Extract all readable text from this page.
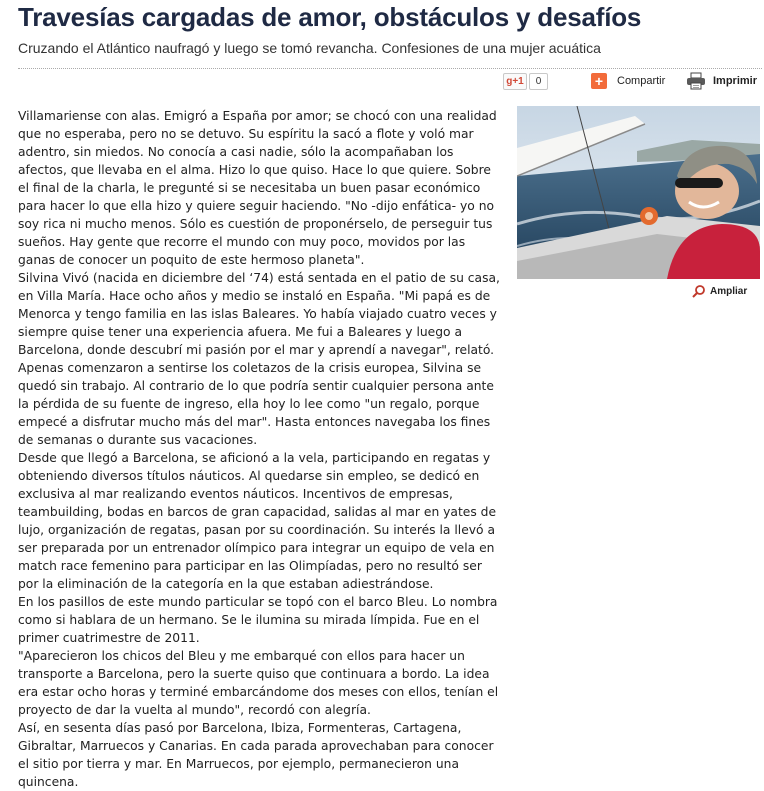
Travesías cargadas de amor, obstáculos y desafíos

Cruzando el Atlántico naufragó y luego se tomó revancha. Confesiones de una mujer acuática

g+1	0	+	Compartir	Imprimir

Villamariense con alas. Emigró a España por amor; se chocó con una realidad que no esperaba, pero no se detuvo. Su espíritu la sacó a flote y voló mar adentro, sin miedos. No conocía a casi nadie, sólo la acompañaban los afectos, que llevaba en el alma. Hizo lo que quiso. Hace lo que quiere. Sobre el final de la charla, le pregunté si se necesitaba un buen pasar económico para hacer lo que ella hizo y quiere seguir haciendo. "No -dijo enfática- yo no soy rica ni mucho menos. Sólo es cuestión de proponérselo, de perseguir tus sueños. Hay gente que recorre el mundo con muy poco, movidos por las ganas de conocer un poquito de este hermoso planeta".

Silvina Vivó (nacida en diciembre del ‘74) está sentada en el patio de su casa, en Villa María. Hace ocho años y medio se instaló en España. "Mi papá es de Menorca y tengo familia en las islas Baleares. Yo había viajado cuatro veces y siempre quise tener una experiencia afuera. Me fui a Baleares y luego a Barcelona, donde descubrí mi pasión por el mar y aprendí a navegar", relató. Apenas comenzaron a sentirse los coletazos de la crisis europea, Silvina se quedó sin trabajo. Al contrario de lo que podría sentir cualquier persona ante la pérdida de su fuente de ingreso, ella hoy lo lee como "un regalo, porque empecé a disfrutar mucho más del mar". Hasta entonces navegaba los fines de semanas o durante sus vacaciones.

Desde que llegó a Barcelona, se aficionó a la vela, participando en regatas y obteniendo diversos títulos náuticos. Al quedarse sin empleo, se dedicó en exclusiva al mar realizando eventos náuticos. Incentivos de empresas, teambuilding, bodas en barcos de gran capacidad, salidas al mar en yates de lujo, organización de regatas, pasan por su coordinación. Su interés la llevó a ser preparada por un entrenador olímpico para integrar un equipo de vela en match race femenino para participar en las Olimpíadas, pero no resultó ser por la eliminación de la categoría en la que estaban adiestrándose.

En los pasillos de este mundo particular se topó con el barco Bleu. Lo nombra como si hablara de un hermano. Se le ilumina su mirada límpida. Fue en el primer cuatrimestre de 2011.

"Aparecieron los chicos del Bleu y me embarqué con ellos para hacer un transporte a Barcelona, pero la suerte quiso que continuara a bordo. La idea era estar ocho horas y terminé embarcándome dos meses con ellos, tenían el proyecto de dar la vuelta al mundo", recordó con alegría.

Así, en sesenta días pasó por Barcelona, Ibiza, Formenteras, Cartagena, Gibraltar, Marruecos y Canarias. En cada parada aprovechaban para conocer el sitio por tierra y mar. En Marruecos, por ejemplo, permanecieron una quincena.

Ampliar
